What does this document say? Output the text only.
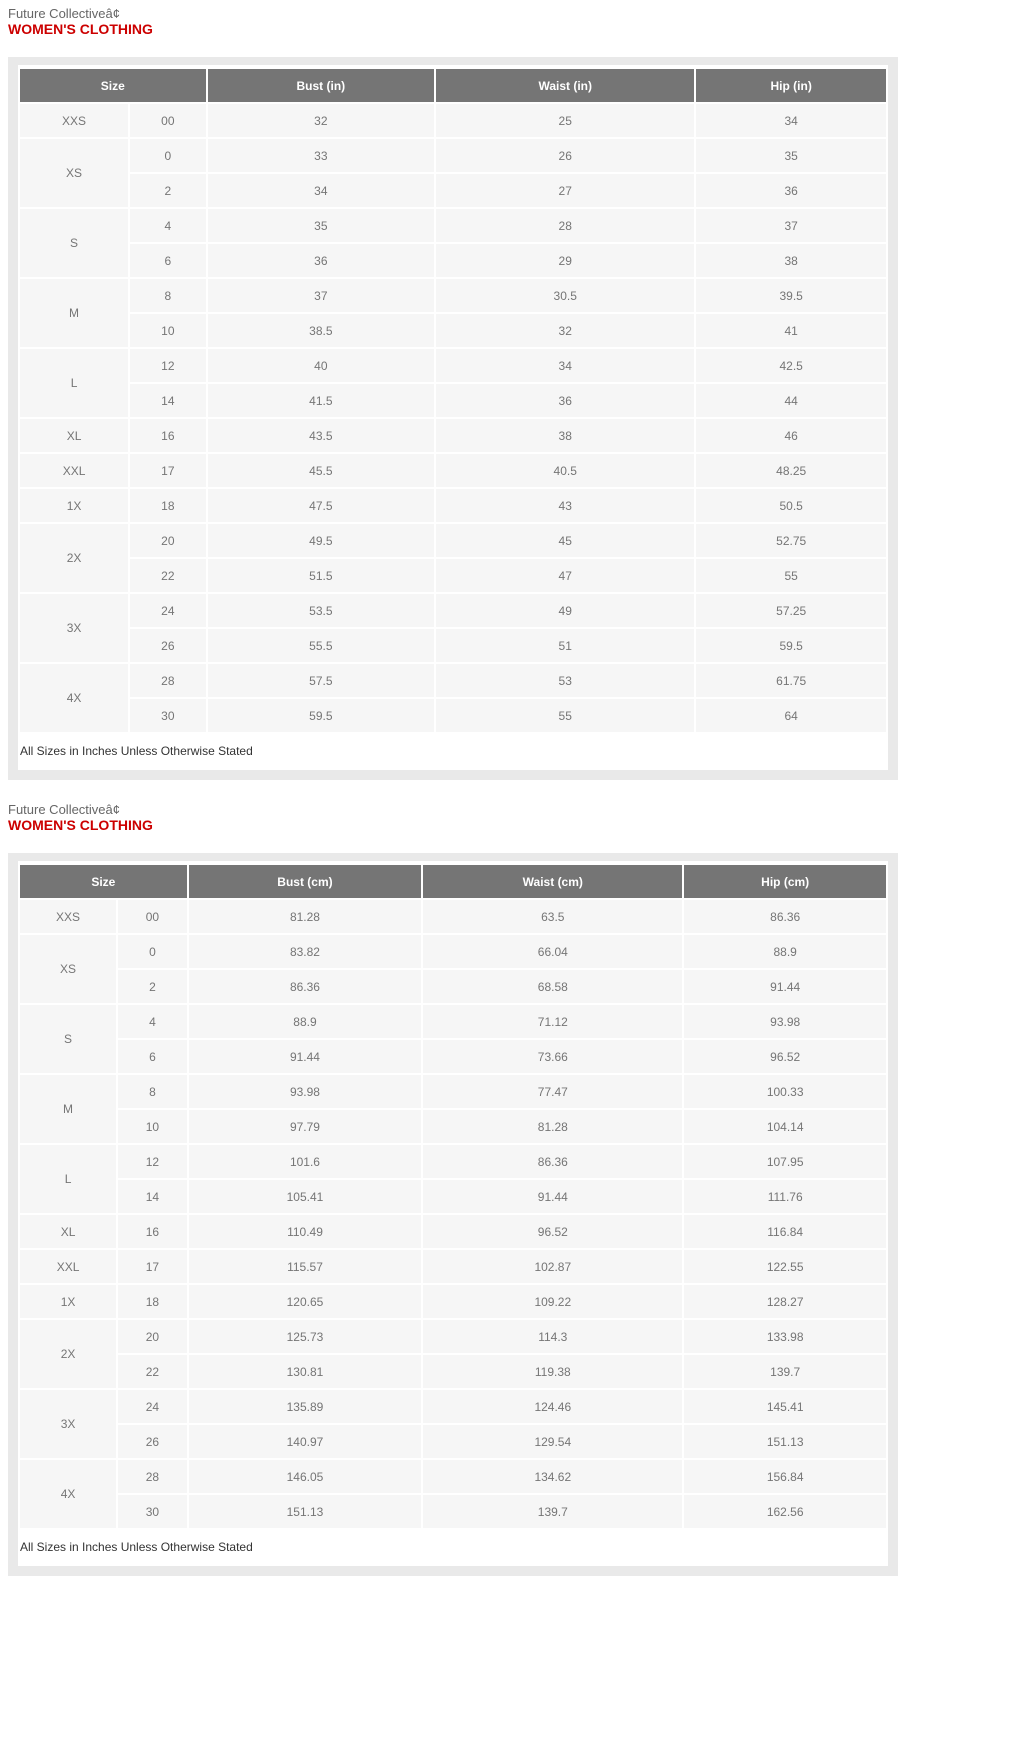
Future Collectiveâ¢
WOMEN'S CLOTHING
Size		Bust (in)	Waist (in)	Hip (in)
XXS	00	32	25	34
XS	0	33	26	35
	2	34	27	36
S	4	35	28	37
	6	36	29	38
M	8	37	30.5	39.5
	10	38.5	32	41
L	12	40	34	42.5
	14	41.5	36	44
XL	16	43.5	38	46
XXL	17	45.5	40.5	48.25
1X	18	47.5	43	50.5
2X	20	49.5	45	52.75
	22	51.5	47	55
3X	24	53.5	49	57.25
	26	55.5	51	59.5
4X	28	57.5	53	61.75
	30	59.5	55	64
All Sizes in Inches Unless Otherwise Stated
Future Collectiveâ¢
WOMEN'S CLOTHING
Size		Bust (cm)	Waist (cm)	Hip (cm)
XXS	00	81.28	63.5	86.36
XS	0	83.82	66.04	88.9
	2	86.36	68.58	91.44
S	4	88.9	71.12	93.98
	6	91.44	73.66	96.52
M	8	93.98	77.47	100.33
	10	97.79	81.28	104.14
L	12	101.6	86.36	107.95
	14	105.41	91.44	111.76
XL	16	110.49	96.52	116.84
XXL	17	115.57	102.87	122.55
1X	18	120.65	109.22	128.27
2X	20	125.73	114.3	133.98
	22	130.81	119.38	139.7
3X	24	135.89	124.46	145.41
	26	140.97	129.54	151.13
4X	28	146.05	134.62	156.84
	30	151.13	139.7	162.56
All Sizes in Inches Unless Otherwise Stated
